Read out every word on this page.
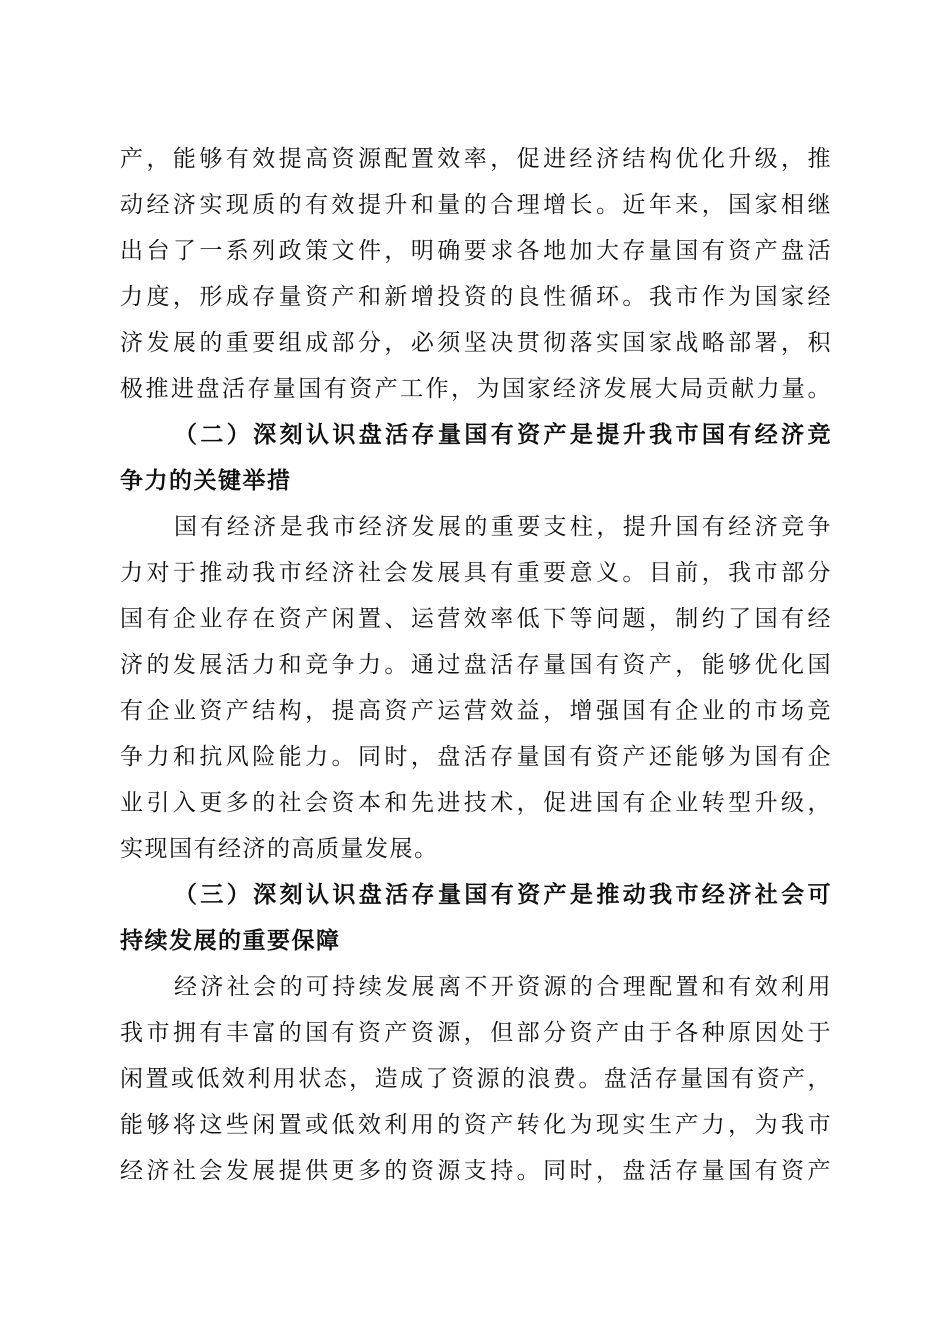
产，能够有效提高资源配置效率，促进经济结构优化升级，推
动经济实现质的有效提升和量的合理增长。近年来，国家相继
出台了一系列政策文件，明确要求各地加大存量国有资产盘活
力度，形成存量资产和新增投资的良性循环。我市作为国家经
济发展的重要组成部分，必须坚决贯彻落实国家战略部署，积
极推进盘活存量国有资产工作，为国家经济发展大局贡献力量。
（二）深刻认识盘活存量国有资产是提升我市国有经济竞
争力的关键举措
国有经济是我市经济发展的重要支柱，提升国有经济竞争
力对于推动我市经济社会发展具有重要意义。目前，我市部分
国有企业存在资产闲置、运营效率低下等问题，制约了国有经
济的发展活力和竞争力。通过盘活存量国有资产，能够优化国
有企业资产结构，提高资产运营效益，增强国有企业的市场竞
争力和抗风险能力。同时，盘活存量国有资产还能够为国有企
业引入更多的社会资本和先进技术，促进国有企业转型升级，
实现国有经济的高质量发展。
（三）深刻认识盘活存量国有资产是推动我市经济社会可
持续发展的重要保障
经济社会的可持续发展离不开资源的合理配置和有效利用
我市拥有丰富的国有资产资源，但部分资产由于各种原因处于
闲置或低效利用状态，造成了资源的浪费。盘活存量国有资产，
能够将这些闲置或低效利用的资产转化为现实生产力，为我市
经济社会发展提供更多的资源支持。同时，盘活存量国有资产
